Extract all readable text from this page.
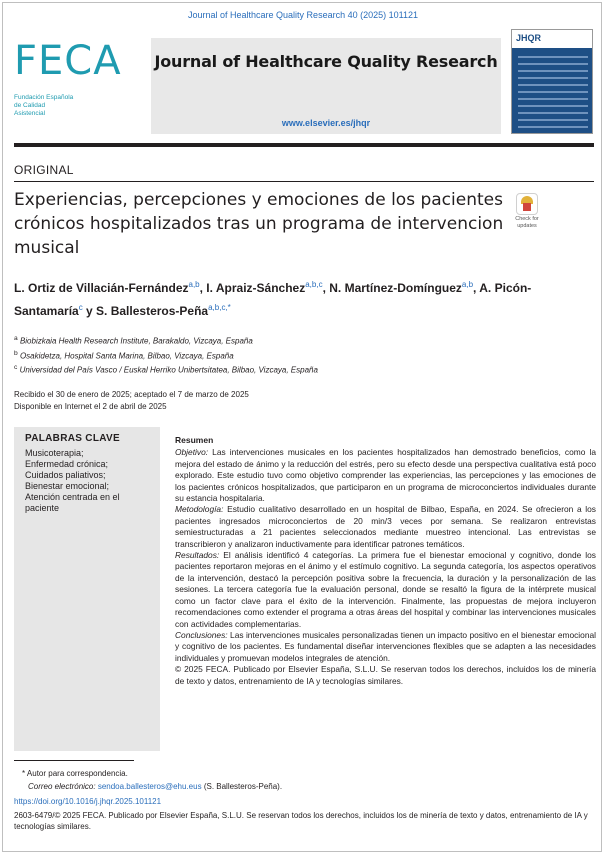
Journal of Healthcare Quality Research 40 (2025) 101121
FECA
Fundación Española de Calidad Asistencial
Journal of Healthcare Quality Research
www.elsevier.es/jhqr
JHQR
ORIGINAL
Experiencias, percepciones y emociones de los pacientes crónicos hospitalizados tras un programa de intervencion musical
Check for updates
L. Ortiz de Villacián-Fernández$^{a,b}$, I. Apraiz-Sánchez$^{a,b,c}$, N. Martínez-Domínguez$^{a,b}$, A. Picón-Santamaría$^c$ y S. Ballesteros-Peña$^{a,b,c,*}$
$^a$ Biobizkaia Health Research Institute, Barakaldo, Vizcaya, España
$^b$ Osakidetza, Hospital Santa Marina, Bilbao, Vizcaya, España
$^c$ Universidad del País Vasco / Euskal Herriko Unibertsitatea, Bilbao, Vizcaya, España
Recibido el 30 de enero de 2025; aceptado el 7 de marzo de 2025
Disponible en Internet el 2 de abril de 2025
PALABRAS CLAVE
Musicoterapia;
Enfermedad crónica;
Cuidados paliativos;
Bienestar emocional;
Atención centrada en el paciente
Resumen

Objetivo: Las intervenciones musicales en los pacientes hospitalizados han demostrado beneficios, como la mejora del estado de ánimo y la reducción del estrés, pero su efecto desde una perspectiva cualitativa está poco explorado. Este estudio tuvo como objetivo comprender las experiencias, las percepciones y las emociones de los pacientes crónicos hospitalizados, que participaron en un programa de microconciertos individuales durante su estancia hospitalaria.

Metodología: Estudio cualitativo desarrollado en un hospital de Bilbao, España, en 2024. Se ofrecieron a los pacientes ingresados microconciertos de 20 min/3 veces por semana. Se realizaron entrevistas semiestructuradas a 21 pacientes seleccionados mediante muestreo intencional. Las entrevistas se transcribieron y analizaron inductivamente para identificar patrones temáticos.

Resultados: El análisis identificó 4 categorías. La primera fue el bienestar emocional y cognitivo, donde los pacientes reportaron mejoras en el ánimo y el estímulo cognitivo. La segunda categoría, los aspectos operativos de la intervención, destacó la percepción positiva sobre la frecuencia, la duración y la personalización de las sesiones. La tercera categoría fue la evaluación personal, donde se resaltó la figura de la intérprete musical como un factor clave para el éxito de la intervención. Finalmente, las propuestas de mejora incluyeron recomendaciones como extender el programa a otras áreas del hospital y combinar las intervenciones musicales con actividades complementarias.

Conclusiones: Las intervenciones musicales personalizadas tienen un impacto positivo en el bienestar emocional y cognitivo de los pacientes. Es fundamental diseñar intervenciones flexibles que se adapten a las necesidades individuales y promuevan modelos integrales de atención.

© 2025 FECA. Publicado por Elsevier España, S.L.U. Se reservan todos los derechos, incluidos los de minería de texto y datos, entrenamiento de IA y tecnologías similares.

* Autor para correspondencia.
Correo electrónico: sendoa.ballesteros@ehu.eus (S. Ballesteros-Peña).
https://doi.org/10.1016/j.jhqr.2025.101121
2603-6479/© 2025 FECA. Publicado por Elsevier España, S.L.U. Se reservan todos los derechos, incluidos los de minería de texto y datos, entrenamiento de IA y tecnologías similares.
